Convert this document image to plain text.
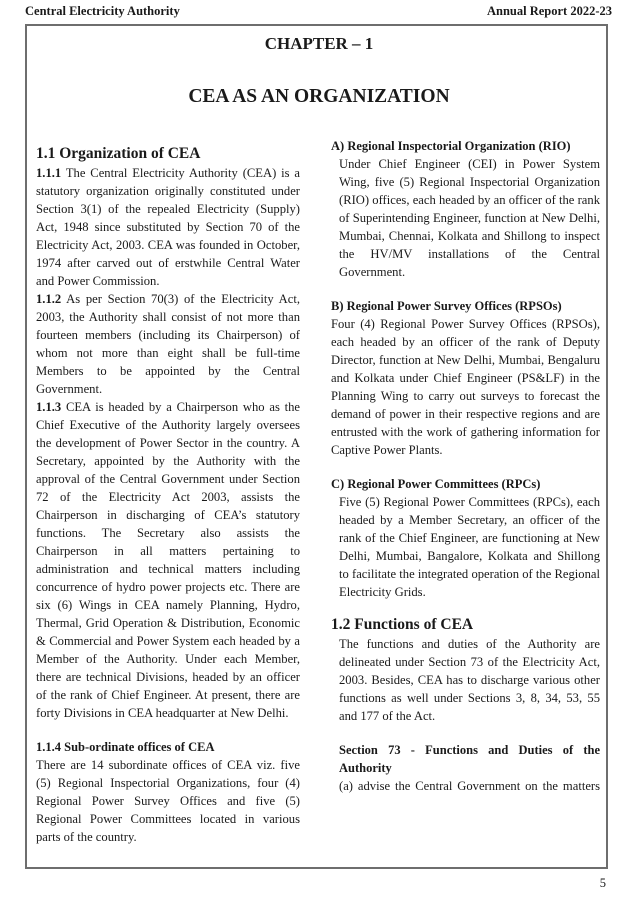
Central Electricity Authority	Annual Report 2022-23
CHAPTER – 1
CEA AS AN ORGANIZATION
1.1 Organization of CEA

1.1.1 The Central Electricity Authority (CEA) is a statutory organization originally constituted under Section 3(1) of the repealed Electricity (Supply) Act, 1948 since substituted by Section 70 of the Electricity Act, 2003. CEA was founded in October, 1974 after carved out of erstwhile Central Water and Power Commission.

1.1.2 As per Section 70(3) of the Electricity Act, 2003, the Authority shall consist of not more than fourteen members (including its Chairperson) of whom not more than eight shall be full-time Members to be appointed by the Central Government.

1.1.3 CEA is headed by a Chairperson who as the Chief Executive of the Authority largely oversees the development of Power Sector in the country. A Secretary, appointed by the Authority with the approval of the Central Government under Section 72 of the Electricity Act 2003, assists the Chairperson in discharging of CEA’s statutory functions. The Secretary also assists the Chairperson in all matters pertaining to administration and technical matters including concurrence of hydro power projects etc. There are six (6) Wings in CEA namely Planning, Hydro, Thermal, Grid Operation & Distribution, Economic & Commercial and Power System each headed by a Member of the Authority. Under each Member, there are technical Divisions, headed by an officer of the rank of Chief Engineer. At present, there are forty Divisions in CEA headquarter at New Delhi.

1.1.4 Sub-ordinate offices of CEA

There are 14 subordinate offices of CEA viz. five (5) Regional Inspectorial Organizations, four (4) Regional Power Survey Offices and five (5) Regional Power Committees located in various parts of the country.

A) Regional Inspectorial Organization (RIO)

Under Chief Engineer (CEI) in Power System Wing, five (5) Regional Inspectorial Organization (RIO) offices, each headed by an officer of the rank of Superintending Engineer, function at New Delhi, Mumbai, Chennai, Kolkata and Shillong to inspect the HV/MV installations of the Central Government.

B) Regional Power Survey Offices (RPSOs)

Four (4) Regional Power Survey Offices (RPSOs), each headed by an officer of the rank of Deputy Director, function at New Delhi, Mumbai, Bengaluru and Kolkata under Chief Engineer (PS&LF) in the Planning Wing to carry out surveys to forecast the demand of power in their respective regions and are entrusted with the work of gathering information for Captive Power Plants.

C) Regional Power Committees (RPCs)

Five (5) Regional Power Committees (RPCs), each headed by a Member Secretary, an officer of the rank of the Chief Engineer, are functioning at New Delhi, Mumbai, Bangalore, Kolkata and Shillong to facilitate the integrated operation of the Regional Electricity Grids.

1.2 Functions of CEA

The functions and duties of the Authority are delineated under Section 73 of the Electricity Act, 2003. Besides, CEA has to discharge various other functions as well under Sections 3, 8, 34, 53, 55 and 177 of the Act.

Section 73 - Functions and Duties of the Authority

(a) advise the Central Government on the matters

5
